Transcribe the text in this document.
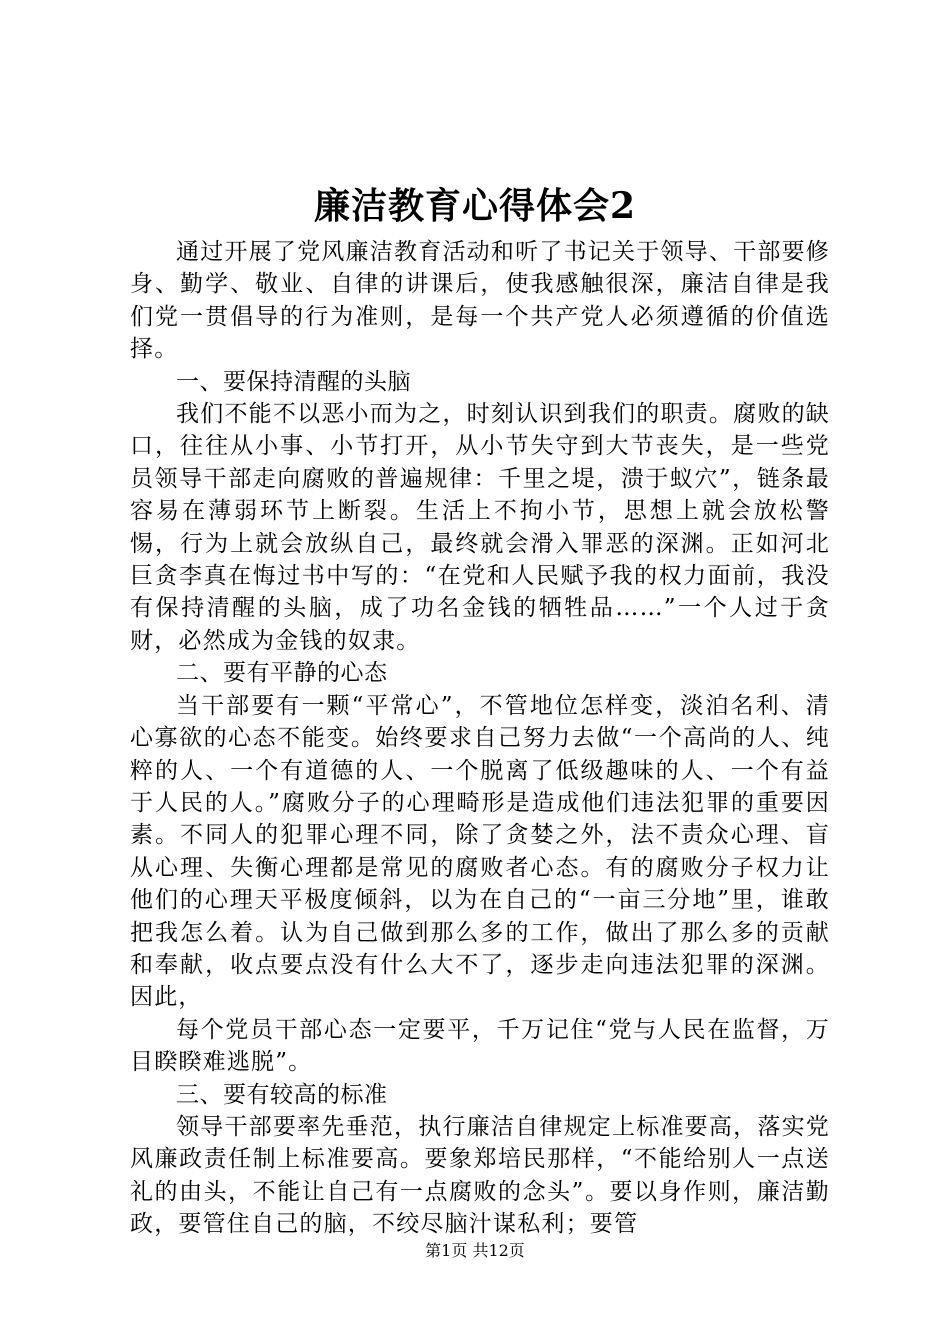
廉洁教育心得体会2

通过开展了党风廉洁教育活动和听了书记关于领导、干部要修身、勤学、敬业、自律的讲课后，使我感触很深，廉洁自律是我们党一贯倡导的行为准则，是每一个共产党人必须遵循的价值选择。

一、要保持清醒的头脑

我们不能不以恶小而为之，时刻认识到我们的职责。腐败的缺口，往往从小事、小节打开，从小节失守到大节丧失，是一些党员领导干部走向腐败的普遍规律：千里之堤，溃于蚁穴”，链条最容易在薄弱环节上断裂。生活上不拘小节，思想上就会放松警惕，行为上就会放纵自己，最终就会滑入罪恶的深渊。正如河北巨贪李真在悔过书中写的：“在党和人民赋予我的权力面前，我没有保持清醒的头脑，成了功名金钱的牺牲品……”一个人过于贪财，必然成为金钱的奴隶。

二、要有平静的心态

当干部要有一颗“平常心”，不管地位怎样变，淡泊名利、清心寡欲的心态不能变。始终要求自己努力去做“一个高尚的人、纯粹的人、一个有道德的人、一个脱离了低级趣味的人、一个有益于人民的人。”腐败分子的心理畸形是造成他们违法犯罪的重要因素。不同人的犯罪心理不同，除了贪婪之外，法不责众心理、盲从心理、失衡心理都是常见的腐败者心态。有的腐败分子权力让他们的心理天平极度倾斜，以为在自己的“一亩三分地”里，谁敢把我怎么着。认为自己做到那么多的工作，做出了那么多的贡献和奉献，收点要点没有什么大不了，逐步走向违法犯罪的深渊。因此，

每个党员干部心态一定要平，千万记住“党与人民在监督，万目睽睽难逃脱”。

三、要有较高的标准

领导干部要率先垂范，执行廉洁自律规定上标准要高，落实党风廉政责任制上标准要高。要象郑培民那样，“不能给别人一点送礼的由头，不能让自己有一点腐败的念头”。要以身作则，廉洁勤政，要管住自己的脑，不绞尽脑汁谋私利；要管

第1页 共12页
